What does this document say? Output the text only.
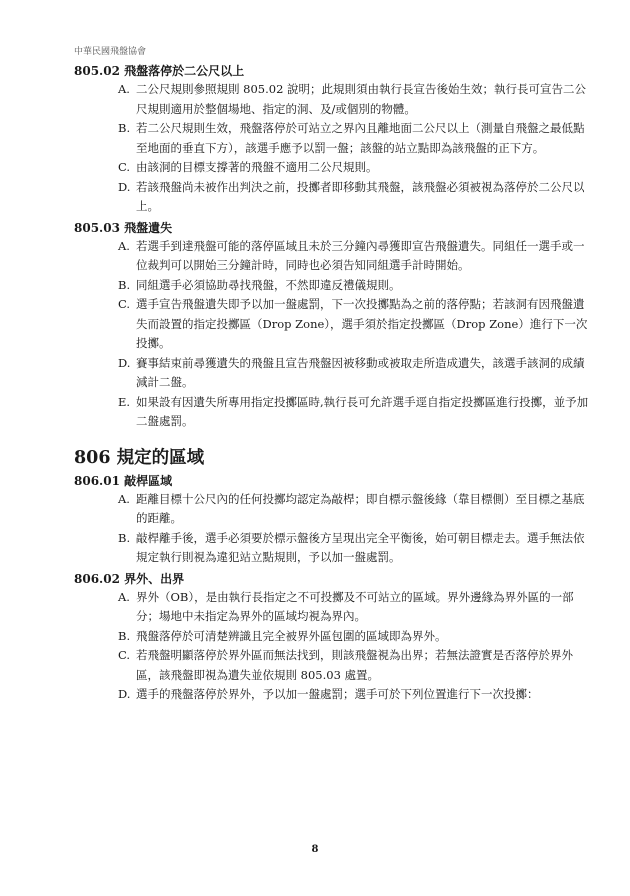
中華民國飛盤協會
805.02 飛盤落停於二公尺以上
A. 二公尺規則參照規則 805.02 說明；此規則須由執行長宣告後始生效；執行長可宣告二公尺規則適用於整個場地、指定的洞、及/或個別的物體。
B. 若二公尺規則生效，飛盤落停於可站立之界內且離地面二公尺以上（測量自飛盤之最低點至地面的垂直下方），該選手應予以罰一盤；該盤的站立點即為該飛盤的正下方。
C. 由該洞的目標支撐著的飛盤不適用二公尺規則。
D. 若該飛盤尚未被作出判決之前，投擲者即移動其飛盤，該飛盤必須被視為落停於二公尺以上。
805.03 飛盤遺失
A. 若選手到達飛盤可能的落停區域且未於三分鐘內尋獲即宣告飛盤遺失。同組任一選手或一位裁判可以開始三分鐘計時，同時也必須告知同組選手計時開始。
B. 同組選手必須協助尋找飛盤，不然即違反禮儀規則。
C. 選手宣告飛盤遺失即予以加一盤處罰，下一次投擲點為之前的落停點；若該洞有因飛盤遺失而設置的指定投擲區（Drop Zone），選手須於指定投擲區（Drop Zone）進行下一次投擲。
D. 賽事結束前尋獲遺失的飛盤且宣告飛盤因被移動或被取走所造成遺失，該選手該洞的成績減計二盤。
E. 如果設有因遺失所專用指定投擲區時,執行長可允許選手逕自指定投擲區進行投擲，並予加二盤處罰。
806 規定的區域
806.01 敲桿區域
A. 距離目標十公尺內的任何投擲均認定為敲桿；即自標示盤後緣（靠目標側）至目標之基底的距離。
B. 敲桿離手後，選手必須要於標示盤後方呈現出完全平衡後，始可朝目標走去。選手無法依規定執行則視為違犯站立點規則，予以加一盤處罰。
806.02 界外、出界
A. 界外（OB），是由執行長指定之不可投擲及不可站立的區域。界外邊緣為界外區的一部分；場地中未指定為界外的區域均視為界內。
B. 飛盤落停於可清楚辨識且完全被界外區包圍的區域即為界外。
C. 若飛盤明顯落停於界外區而無法找到，則該飛盤視為出界；若無法證實是否落停於界外區，該飛盤即視為遺失並依規則 805.03 處置。
D. 選手的飛盤落停於界外，予以加一盤處罰；選手可於下列位置進行下一次投擲：
8
